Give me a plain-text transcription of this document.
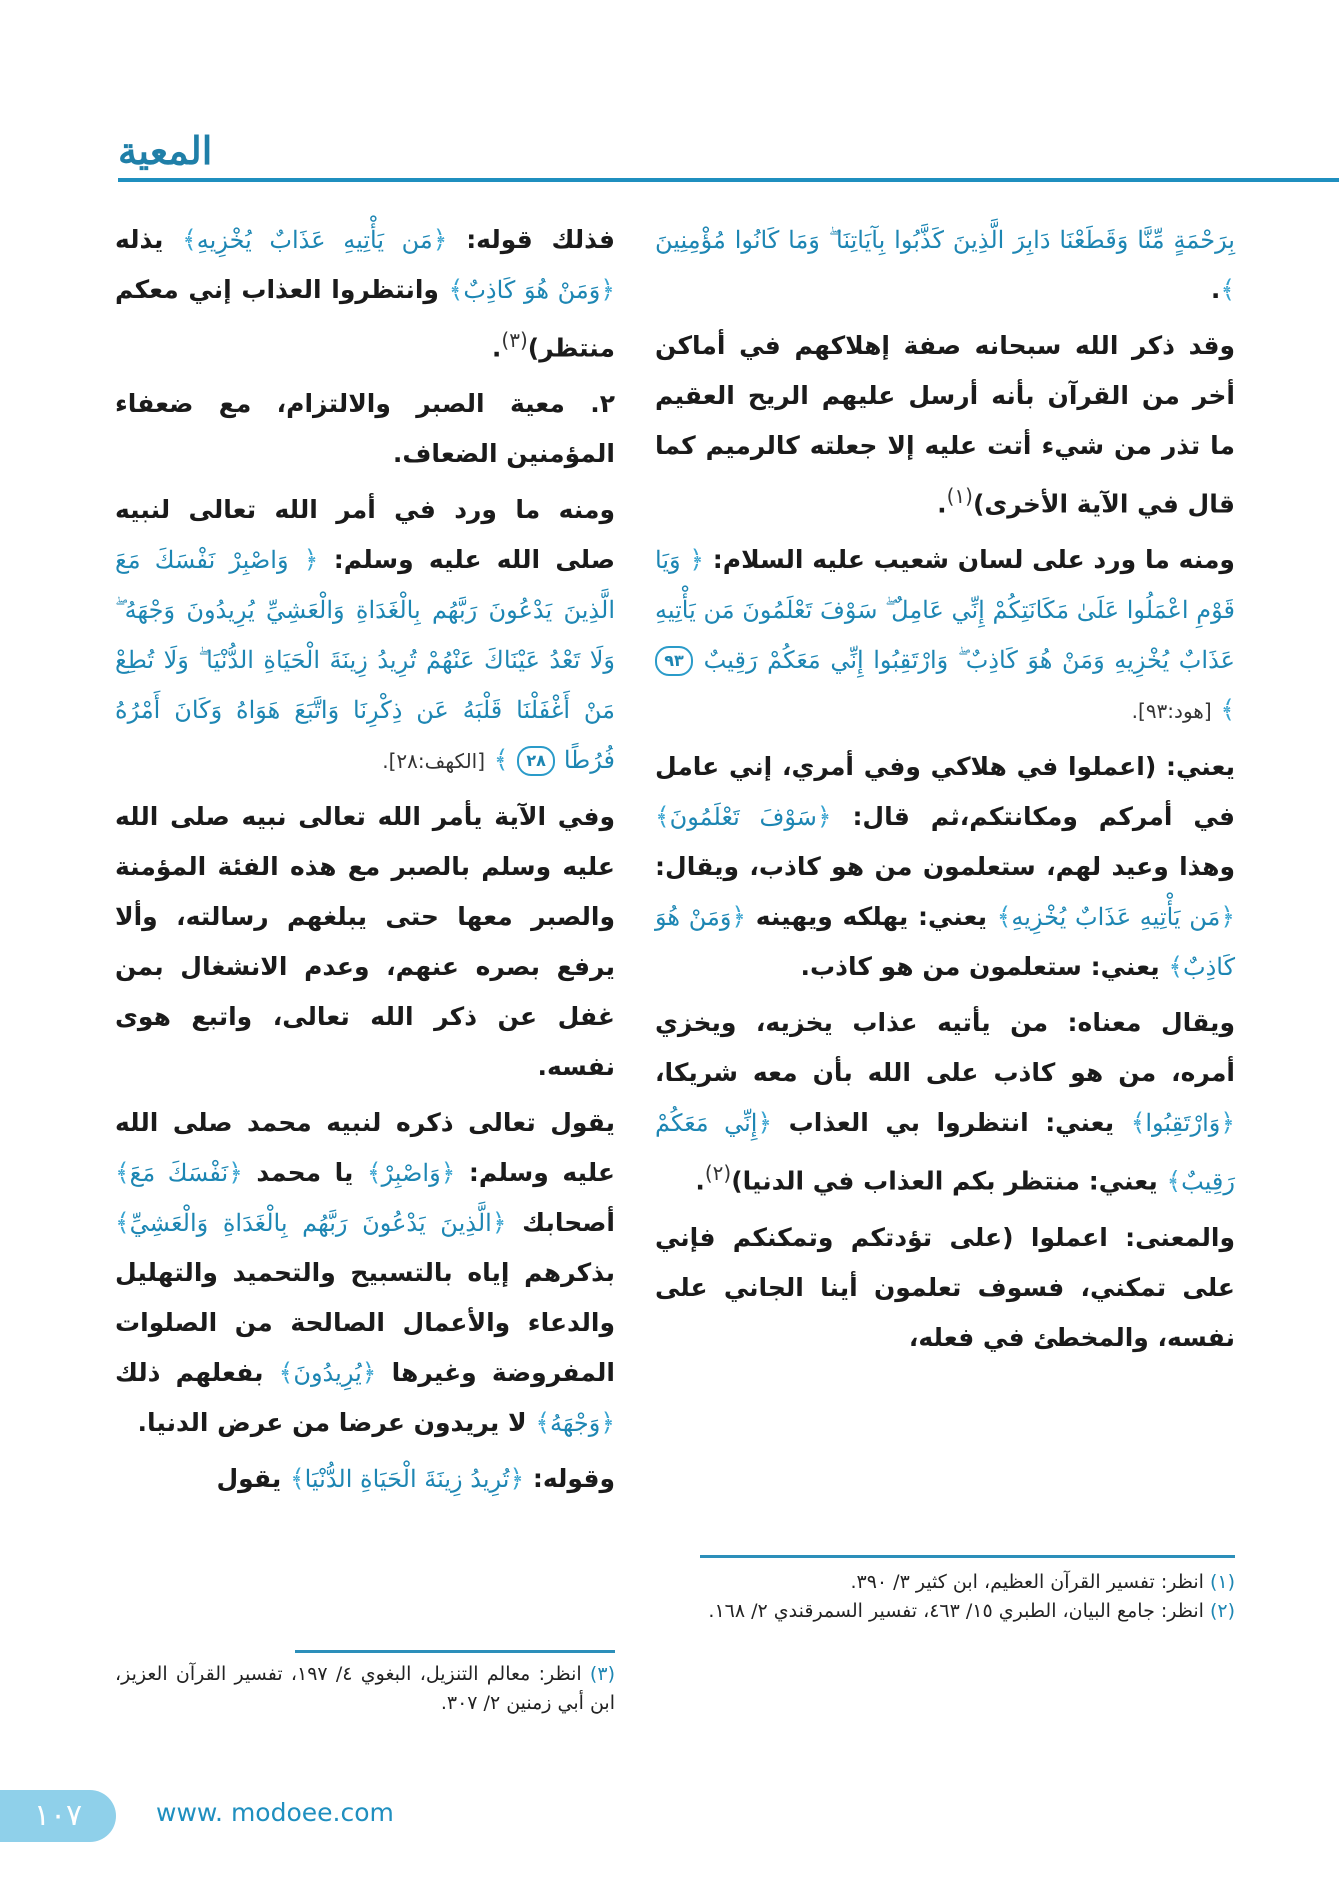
المعية

بِرَحْمَةٍ مِّنَّا وَقَطَعْنَا دَابِرَ الَّذِينَ كَذَّبُوا بِآيَاتِنَا ۖ وَمَا كَانُوا مُؤْمِنِينَ ﴾.

وقد ذكر الله سبحانه صفة إهلاكهم في أماكن أخر من القرآن بأنه أرسل عليهم الريح العقيم ما تذر من شيء أتت عليه إلا جعلته كالرميم كما قال في الآية الأخرى)$^{(١)}$.

ومنه ما ورد على لسان شعيب عليه السلام: ﴿ وَيَا قَوْمِ اعْمَلُوا عَلَىٰ مَكَانَتِكُمْ إِنِّي عَامِلٌ ۖ سَوْفَ تَعْلَمُونَ مَن يَأْتِيهِ عَذَابٌ يُخْزِيهِ وَمَنْ هُوَ كَاذِبٌ ۖ وَارْتَقِبُوا إِنِّي مَعَكُمْ رَقِيبٌ ٩٣ ﴾ [هود:٩٣].

يعني: (اعملوا في هلاكي وفي أمري، إني عامل في أمركم ومكانتكم،ثم قال: ﴿سَوْفَ تَعْلَمُونَ﴾ وهذا وعيد لهم، ستعلمون من هو كاذب، ويقال: ﴿مَن يَأْتِيهِ عَذَابٌ يُخْزِيهِ﴾ يعني: يهلكه ويهينه ﴿وَمَنْ هُوَ كَاذِبٌ﴾ يعني: ستعلمون من هو كاذب.

ويقال معناه: من يأتيه عذاب يخزيه، ويخزي أمره، من هو كاذب على الله بأن معه شريكا، ﴿وَارْتَقِبُوا﴾ يعني: انتظروا بي العذاب ﴿إِنِّي مَعَكُمْ رَقِيبٌ﴾ يعني: منتظر بكم العذاب في الدنيا)$^{(٢)}$.

والمعنى: اعملوا (على تؤدتكم وتمكنكم فإني على تمكني، فسوف تعلمون أينا الجاني على نفسه، والمخطئ في فعله،

فذلك قوله: ﴿مَن يَأْتِيهِ عَذَابٌ يُخْزِيهِ﴾ يذله ﴿وَمَنْ هُوَ كَاذِبٌ﴾ وانتظروا العذاب إني معكم منتظر)$^{(٣)}$.

٢. معية الصبر والالتزام، مع ضعفاء المؤمنين الضعاف.

ومنه ما ورد في أمر الله تعالى لنبيه صلى الله عليه وسلم: ﴿ وَاصْبِرْ نَفْسَكَ مَعَ الَّذِينَ يَدْعُونَ رَبَّهُم بِالْغَدَاةِ وَالْعَشِيِّ يُرِيدُونَ وَجْهَهُ ۖ وَلَا تَعْدُ عَيْنَاكَ عَنْهُمْ تُرِيدُ زِينَةَ الْحَيَاةِ الدُّنْيَا ۖ وَلَا تُطِعْ مَنْ أَغْفَلْنَا قَلْبَهُ عَن ذِكْرِنَا وَاتَّبَعَ هَوَاهُ وَكَانَ أَمْرُهُ فُرُطًا ٢٨ ﴾ [الكهف:٢٨].

وفي الآية يأمر الله تعالى نبيه صلى الله عليه وسلم بالصبر مع هذه الفئة المؤمنة والصبر معها حتى يبلغهم رسالته، وألا يرفع بصره عنهم، وعدم الانشغال بمن غفل عن ذكر الله تعالى، واتبع هوى نفسه.

يقول تعالى ذكره لنبيه محمد صلى الله عليه وسلم: ﴿وَاصْبِرْ﴾ يا محمد ﴿نَفْسَكَ مَعَ﴾ أصحابك ﴿الَّذِينَ يَدْعُونَ رَبَّهُم بِالْغَدَاةِ وَالْعَشِيِّ﴾ بذكرهم إياه بالتسبيح والتحميد والتهليل والدعاء والأعمال الصالحة من الصلوات المفروضة وغيرها ﴿يُرِيدُونَ﴾ بفعلهم ذلك ﴿وَجْهَهُ﴾ لا يريدون عرضا من عرض الدنيا.

وقوله: ﴿تُرِيدُ زِينَةَ الْحَيَاةِ الدُّنْيَا﴾ يقول

(١) انظر: تفسير القرآن العظيم، ابن كثير ٣/ ٣٩٠.

(٢) انظر: جامع البيان، الطبري ١٥/ ٤٦٣، تفسير السمرقندي ٢/ ١٦٨.

(٣) انظر: معالم التنزيل، البغوي ٤/ ١٩٧، تفسير القرآن العزيز، ابن أبي زمنين ٢/ ٣٠٧.

١٠٧	www. modoee.com
